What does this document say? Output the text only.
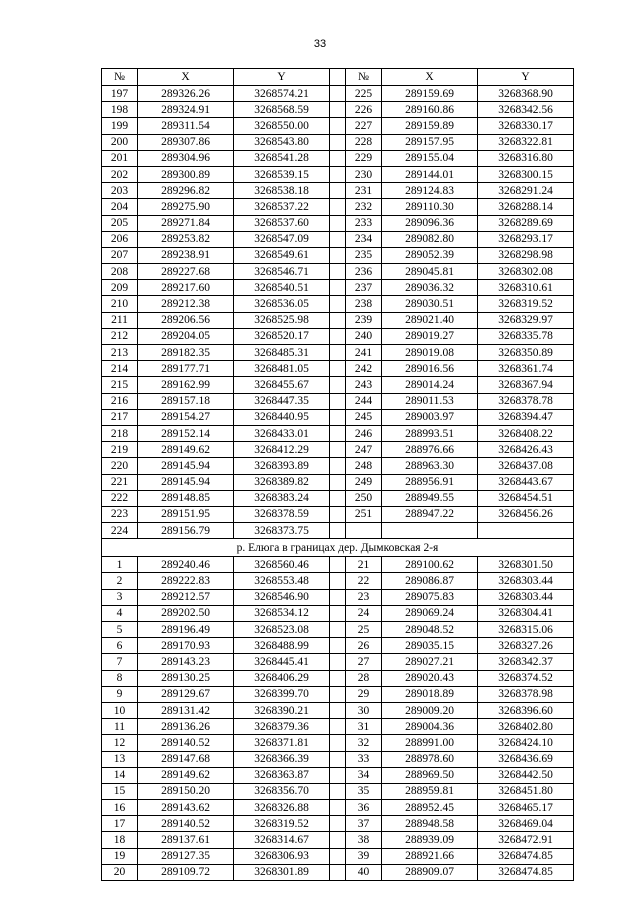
33
№	X	Y		№	X	Y
197	289326.26	3268574.21		225	289159.69	3268368.90
198	289324.91	3268568.59		226	289160.86	3268342.56
199	289311.54	3268550.00		227	289159.89	3268330.17
200	289307.86	3268543.80		228	289157.95	3268322.81
201	289304.96	3268541.28		229	289155.04	3268316.80
202	289300.89	3268539.15		230	289144.01	3268300.15
203	289296.82	3268538.18		231	289124.83	3268291.24
204	289275.90	3268537.22		232	289110.30	3268288.14
205	289271.84	3268537.60		233	289096.36	3268289.69
206	289253.82	3268547.09		234	289082.80	3268293.17
207	289238.91	3268549.61		235	289052.39	3268298.98
208	289227.68	3268546.71		236	289045.81	3268302.08
209	289217.60	3268540.51		237	289036.32	3268310.61
210	289212.38	3268536.05		238	289030.51	3268319.52
211	289206.56	3268525.98		239	289021.40	3268329.97
212	289204.05	3268520.17		240	289019.27	3268335.78
213	289182.35	3268485.31		241	289019.08	3268350.89
214	289177.71	3268481.05		242	289016.56	3268361.74
215	289162.99	3268455.67		243	289014.24	3268367.94
216	289157.18	3268447.35		244	289011.53	3268378.78
217	289154.27	3268440.95		245	289003.97	3268394.47
218	289152.14	3268433.01		246	288993.51	3268408.22
219	289149.62	3268412.29		247	288976.66	3268426.43
220	289145.94	3268393.89		248	288963.30	3268437.08
221	289145.94	3268389.82		249	288956.91	3268443.67
222	289148.85	3268383.24		250	288949.55	3268454.51
223	289151.95	3268378.59		251	288947.22	3268456.26
224	289156.79	3268373.75				
р. Елюга в границах дер. Дымковская 2-я						
1	289240.46	3268560.46		21	289100.62	3268301.50
2	289222.83	3268553.48		22	289086.87	3268303.44
3	289212.57	3268546.90		23	289075.83	3268303.44
4	289202.50	3268534.12		24	289069.24	3268304.41
5	289196.49	3268523.08		25	289048.52	3268315.06
6	289170.93	3268488.99		26	289035.15	3268327.26
7	289143.23	3268445.41		27	289027.21	3268342.37
8	289130.25	3268406.29		28	289020.43	3268374.52
9	289129.67	3268399.70		29	289018.89	3268378.98
10	289131.42	3268390.21		30	289009.20	3268396.60
11	289136.26	3268379.36		31	289004.36	3268402.80
12	289140.52	3268371.81		32	288991.00	3268424.10
13	289147.68	3268366.39		33	288978.60	3268436.69
14	289149.62	3268363.87		34	288969.50	3268442.50
15	289150.20	3268356.70		35	288959.81	3268451.80
16	289143.62	3268326.88		36	288952.45	3268465.17
17	289140.52	3268319.52		37	288948.58	3268469.04
18	289137.61	3268314.67		38	288939.09	3268472.91
19	289127.35	3268306.93		39	288921.66	3268474.85
20	289109.72	3268301.89		40	288909.07	3268474.85
